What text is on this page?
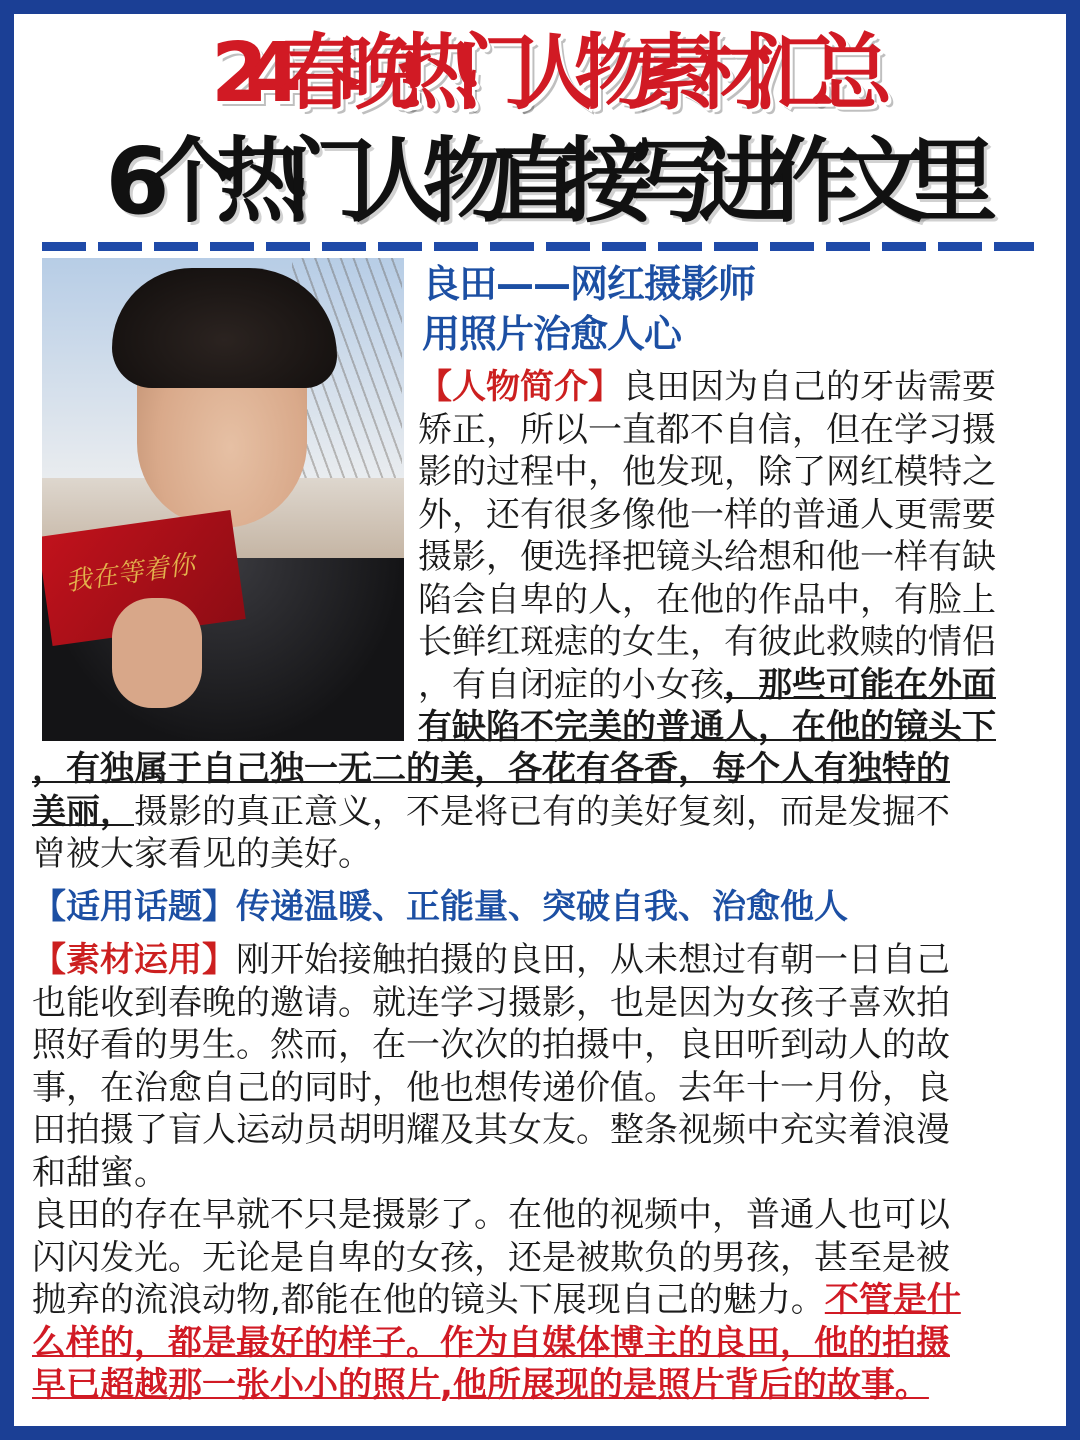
24春晚热门人物素材汇总
6个热门人物直接写进作文里
我在等着你
良田——网红摄影师
用照片治愈人心
【人物简介】良田因为自己的牙齿需要
矫正，所以一直都不自信，但在学习摄
影的过程中，他发现，除了网红模特之
外，还有很多像他一样的普通人更需要
摄影，便选择把镜头给想和他一样有缺
陷会自卑的人，在他的作品中，有脸上
长鲜红斑痣的女生，有彼此救赎的情侣
，有自闭症的小女孩，那些可能在外面
有缺陷不完美的普通人，在他的镜头下
，有独属于自己独一无二的美，各花有各香，每个人有独特的
美丽，摄影的真正意义，不是将已有的美好复刻，而是发掘不
曾被大家看见的美好。
【适用话题】传递温暖、正能量、突破自我、治愈他人
【素材运用】刚开始接触拍摄的良田，从未想过有朝一日自己
也能收到春晚的邀请。就连学习摄影，也是因为女孩子喜欢拍
照好看的男生。然而，在一次次的拍摄中，良田听到动人的故
事，在治愈自己的同时，他也想传递价值。去年十一月份，良
田拍摄了盲人运动员胡明耀及其女友。整条视频中充实着浪漫
和甜蜜。
良田的存在早就不只是摄影了。在他的视频中，普通人也可以
闪闪发光。无论是自卑的女孩，还是被欺负的男孩，甚至是被
抛弃的流浪动物,都能在他的镜头下展现自己的魅力。不管是什
么样的，都是最好的样子。作为自媒体博主的良田，他的拍摄
早已超越那一张小小的照片,他所展现的是照片背后的故事。
